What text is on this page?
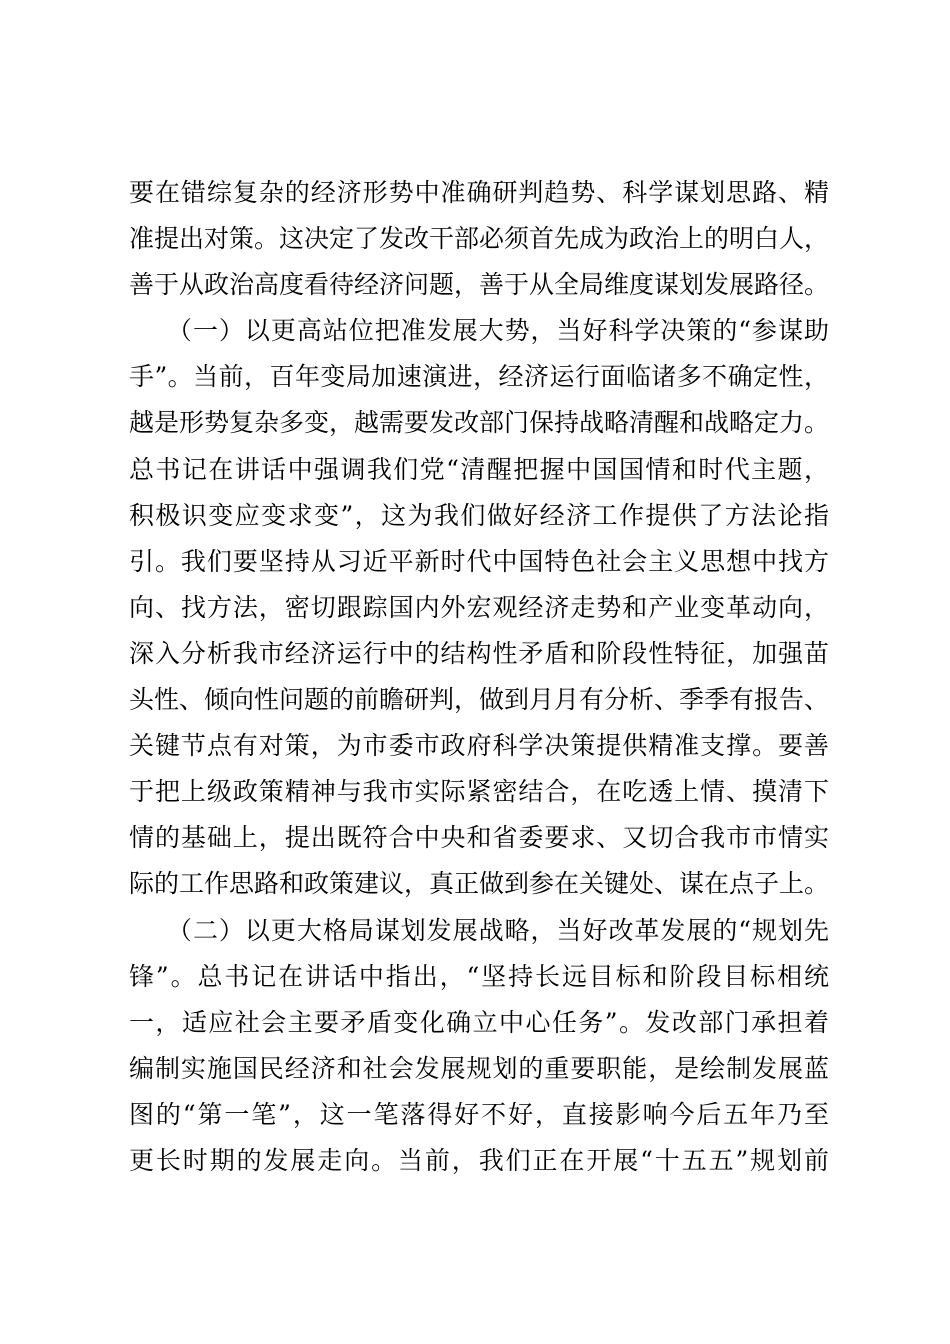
要在错综复杂的经济形势中准确研判趋势、科学谋划思路、精
准提出对策。这决定了发改干部必须首先成为政治上的明白人，
善于从政治高度看待经济问题，善于从全局维度谋划发展路径。
（一）以更高站位把准发展大势，当好科学决策的“参谋助
手”。当前，百年变局加速演进，经济运行面临诸多不确定性，
越是形势复杂多变，越需要发改部门保持战略清醒和战略定力。
总书记在讲话中强调我们党“清醒把握中国国情和时代主题，
积极识变应变求变”，这为我们做好经济工作提供了方法论指
引。我们要坚持从习近平新时代中国特色社会主义思想中找方
向、找方法，密切跟踪国内外宏观经济走势和产业变革动向，
深入分析我市经济运行中的结构性矛盾和阶段性特征，加强苗
头性、倾向性问题的前瞻研判，做到月月有分析、季季有报告、
关键节点有对策，为市委市政府科学决策提供精准支撑。要善
于把上级政策精神与我市实际紧密结合，在吃透上情、摸清下
情的基础上，提出既符合中央和省委要求、又切合我市市情实
际的工作思路和政策建议，真正做到参在关键处、谋在点子上。
（二）以更大格局谋划发展战略，当好改革发展的“规划先
锋”。总书记在讲话中指出，“坚持长远目标和阶段目标相统
一，适应社会主要矛盾变化确立中心任务”。发改部门承担着
编制实施国民经济和社会发展规划的重要职能，是绘制发展蓝
图的“第一笔”，这一笔落得好不好，直接影响今后五年乃至
更长时期的发展走向。当前，我们正在开展“十五五”规划前
